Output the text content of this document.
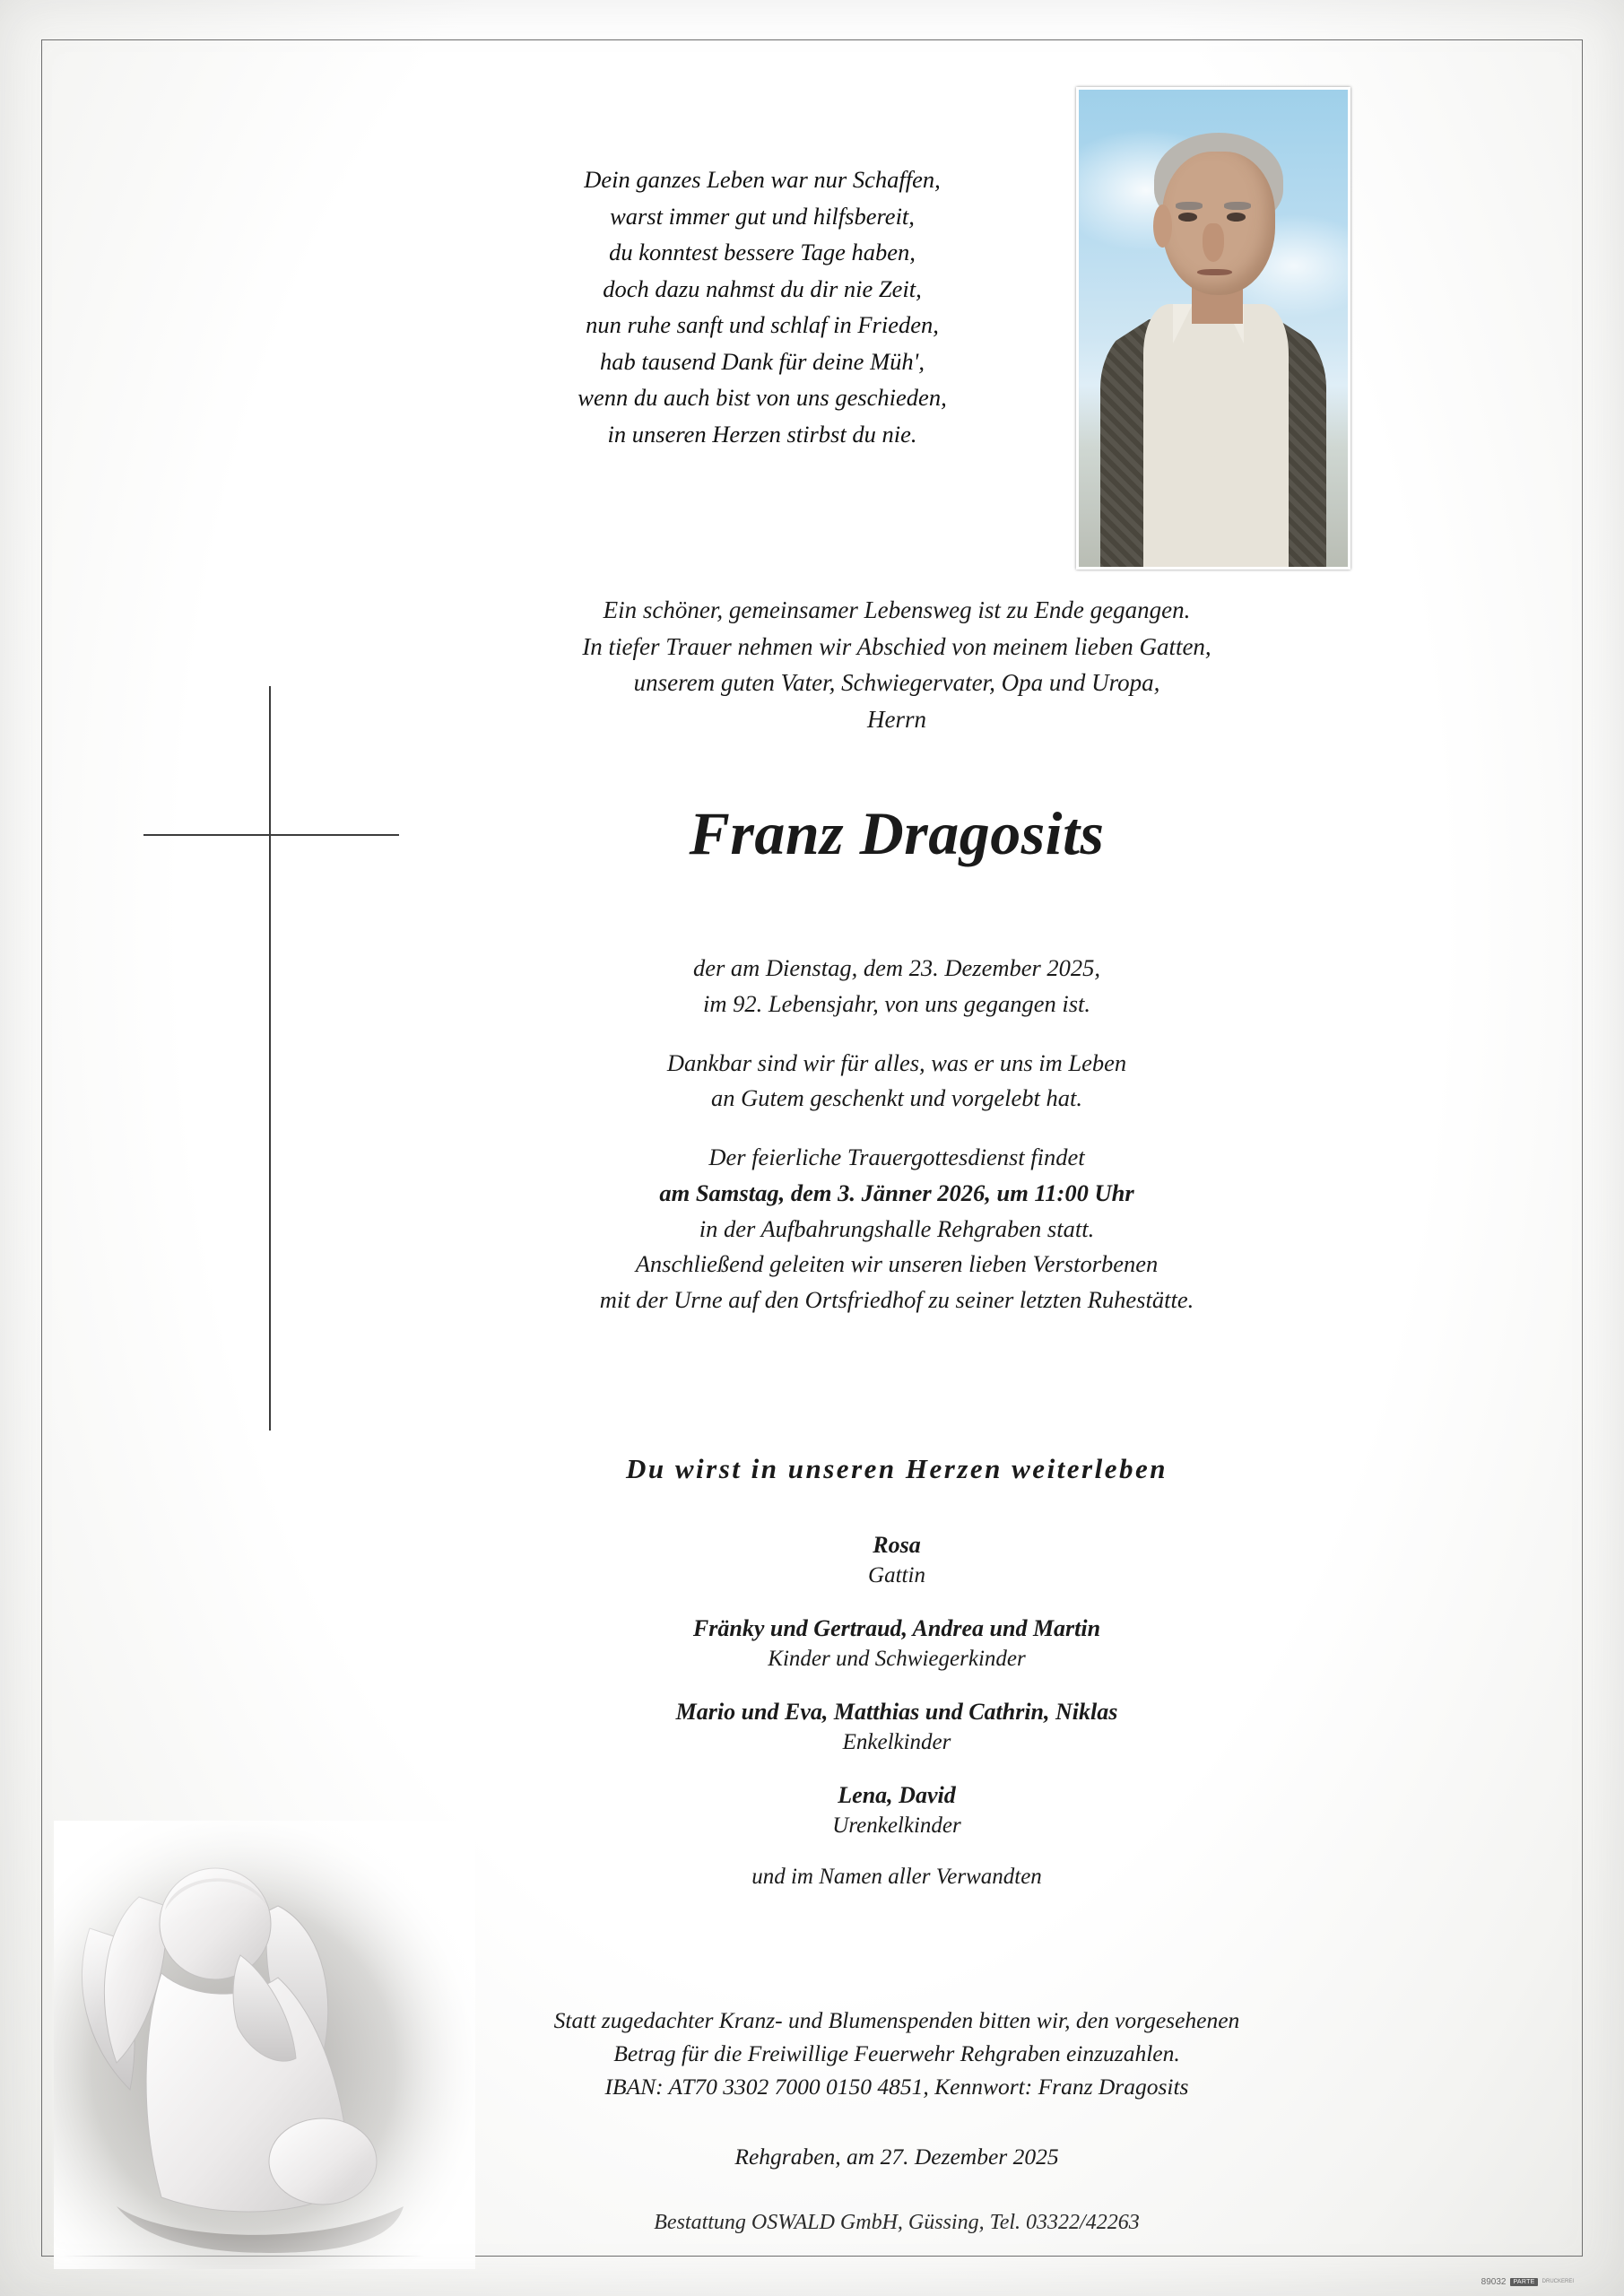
Dein ganzes Leben war nur Schaffen,
warst immer gut und hilfsbereit,
du konntest bessere Tage haben,
doch dazu nahmst du dir nie Zeit,
nun ruhe sanft und schlaf in Frieden,
hab tausend Dank für deine Müh',
wenn du auch bist von uns geschieden,
in unseren Herzen stirbst du nie.
Ein schöner, gemeinsamer Lebensweg ist zu Ende gegangen.
In tiefer Trauer nehmen wir Abschied von meinem lieben Gatten,
unserem guten Vater, Schwiegervater, Opa und Uropa,
Herrn
Franz Dragosits

der am Dienstag, dem 23. Dezember 2025,
im 92. Lebensjahr, von uns gegangen ist.

Dankbar sind wir für alles, was er uns im Leben
an Gutem geschenkt und vorgelebt hat.

Der feierliche Trauergottesdienst findet
am Samstag, dem 3. Jänner 2026, um 11:00 Uhr
in der Aufbahrungshalle Rehgraben statt.
Anschließend geleiten wir unseren lieben Verstorbenen
mit der Urne auf den Ortsfriedhof zu seiner letzten Ruhestätte.

Du wirst in unseren Herzen weiterleben
Rosa
Gattin
Fränky und Gertraud, Andrea und Martin
Kinder und Schwiegerkinder
Mario und Eva, Matthias und Cathrin, Niklas
Enkelkinder
Lena, David
Urenkelkinder
und im Namen aller Verwandten
Statt zugedachter Kranz- und Blumenspenden bitten wir, den vorgesehenen
Betrag für die Freiwillige Feuerwehr Rehgraben einzuzahlen.
IBAN: AT70 3302 7000 0150 4851, Kennwort: Franz Dragosits
Rehgraben, am 27. Dezember 2025
Bestattung OSWALD GmbH, Güssing, Tel. 03322/42263
89032	PARTE	DRUCKEREI
